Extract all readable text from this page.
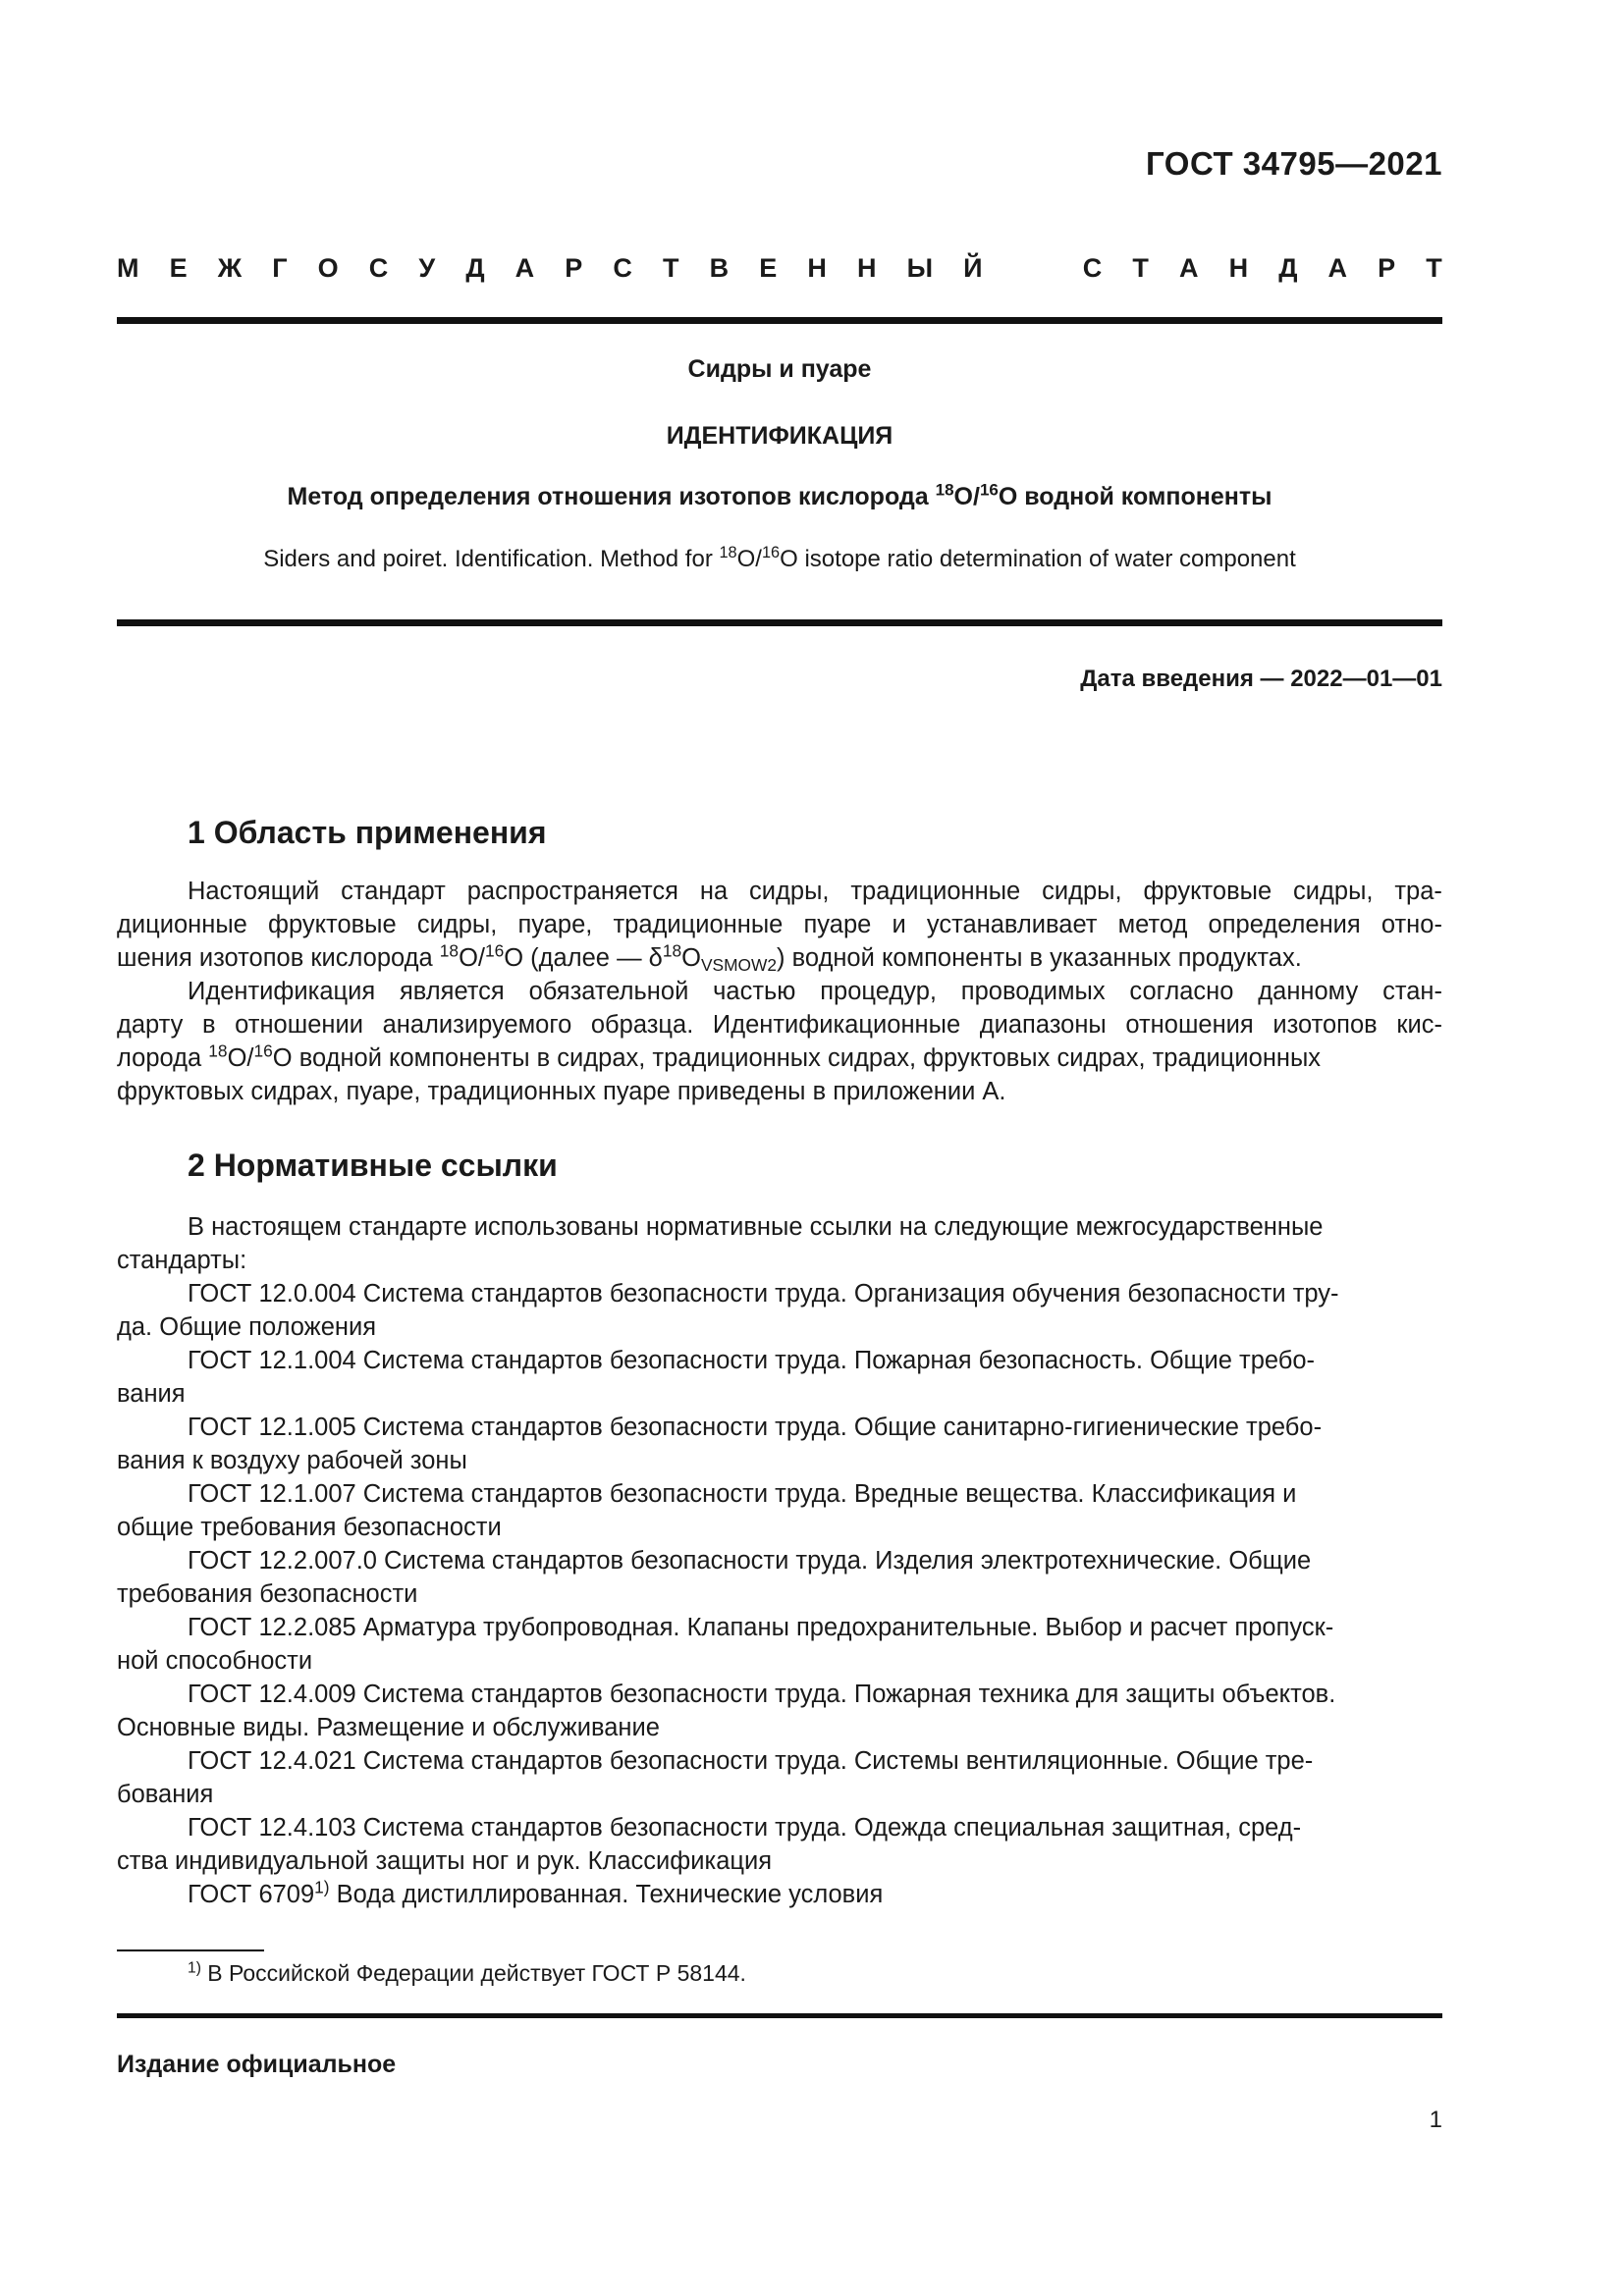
ГОСТ 34795—2021
М Е Ж Г О С У Д А Р С Т В Е Н Н Ы Й	С Т А Н Д А Р Т
Сидры и пуаре
ИДЕНТИФИКАЦИЯ
Метод определения отношения изотопов кислорода $^{18}$O/$^{16}$O водной компоненты
Siders and poiret. Identification. Method for $^{18}$O/$^{16}$O isotope ratio determination of water component
Дата введения — 2022—01—01
1 Область применения
Настоящий стандарт распространяется на сидры, традиционные сидры, фруктовые сидры, тра-
диционные фруктовые сидры, пуаре, традиционные пуаре и устанавливает метод определения отно-
шения изотопов кислорода $^{18}$O/$^{16}$O (далее — $\delta^{18}O_{VSMOW2}$) водной компоненты в указанных продуктах.
Идентификация является обязательной частью процедур, проводимых согласно данному стан-
дарту в отношении анализируемого образца. Идентификационные диапазоны отношения изотопов кис-
лорода $^{18}$O/$^{16}$O водной компоненты в сидрах, традиционных сидрах, фруктовых сидрах, традиционных
фруктовых сидрах, пуаре, традиционных пуаре приведены в приложении А.
2 Нормативные ссылки
В настоящем стандарте использованы нормативные ссылки на следующие межгосударственные
стандарты:
ГОСТ 12.0.004 Система стандартов безопасности труда. Организация обучения безопасности тру-
да. Общие положения
ГОСТ 12.1.004 Система стандартов безопасности труда. Пожарная безопасность. Общие требо-
вания
ГОСТ 12.1.005 Система стандартов безопасности труда. Общие санитарно-гигиенические требо-
вания к воздуху рабочей зоны
ГОСТ 12.1.007 Система стандартов безопасности труда. Вредные вещества. Классификация и
общие требования безопасности
ГОСТ 12.2.007.0 Система стандартов безопасности труда. Изделия электротехнические. Общие
требования безопасности
ГОСТ 12.2.085 Арматура трубопроводная. Клапаны предохранительные. Выбор и расчет пропуск-
ной способности
ГОСТ 12.4.009 Система стандартов безопасности труда. Пожарная техника для защиты объектов.
Основные виды. Размещение и обслуживание
ГОСТ 12.4.021 Система стандартов безопасности труда. Системы вентиляционные. Общие тре-
бования
ГОСТ 12.4.103 Система стандартов безопасности труда. Одежда специальная защитная, сред-
ства индивидуальной защиты ног и рук. Классификация
ГОСТ 6709$^{1)}$ Вода дистиллированная. Технические условия
$^{1)}$ В Российской Федерации действует ГОСТ Р 58144.
Издание официальное
1
